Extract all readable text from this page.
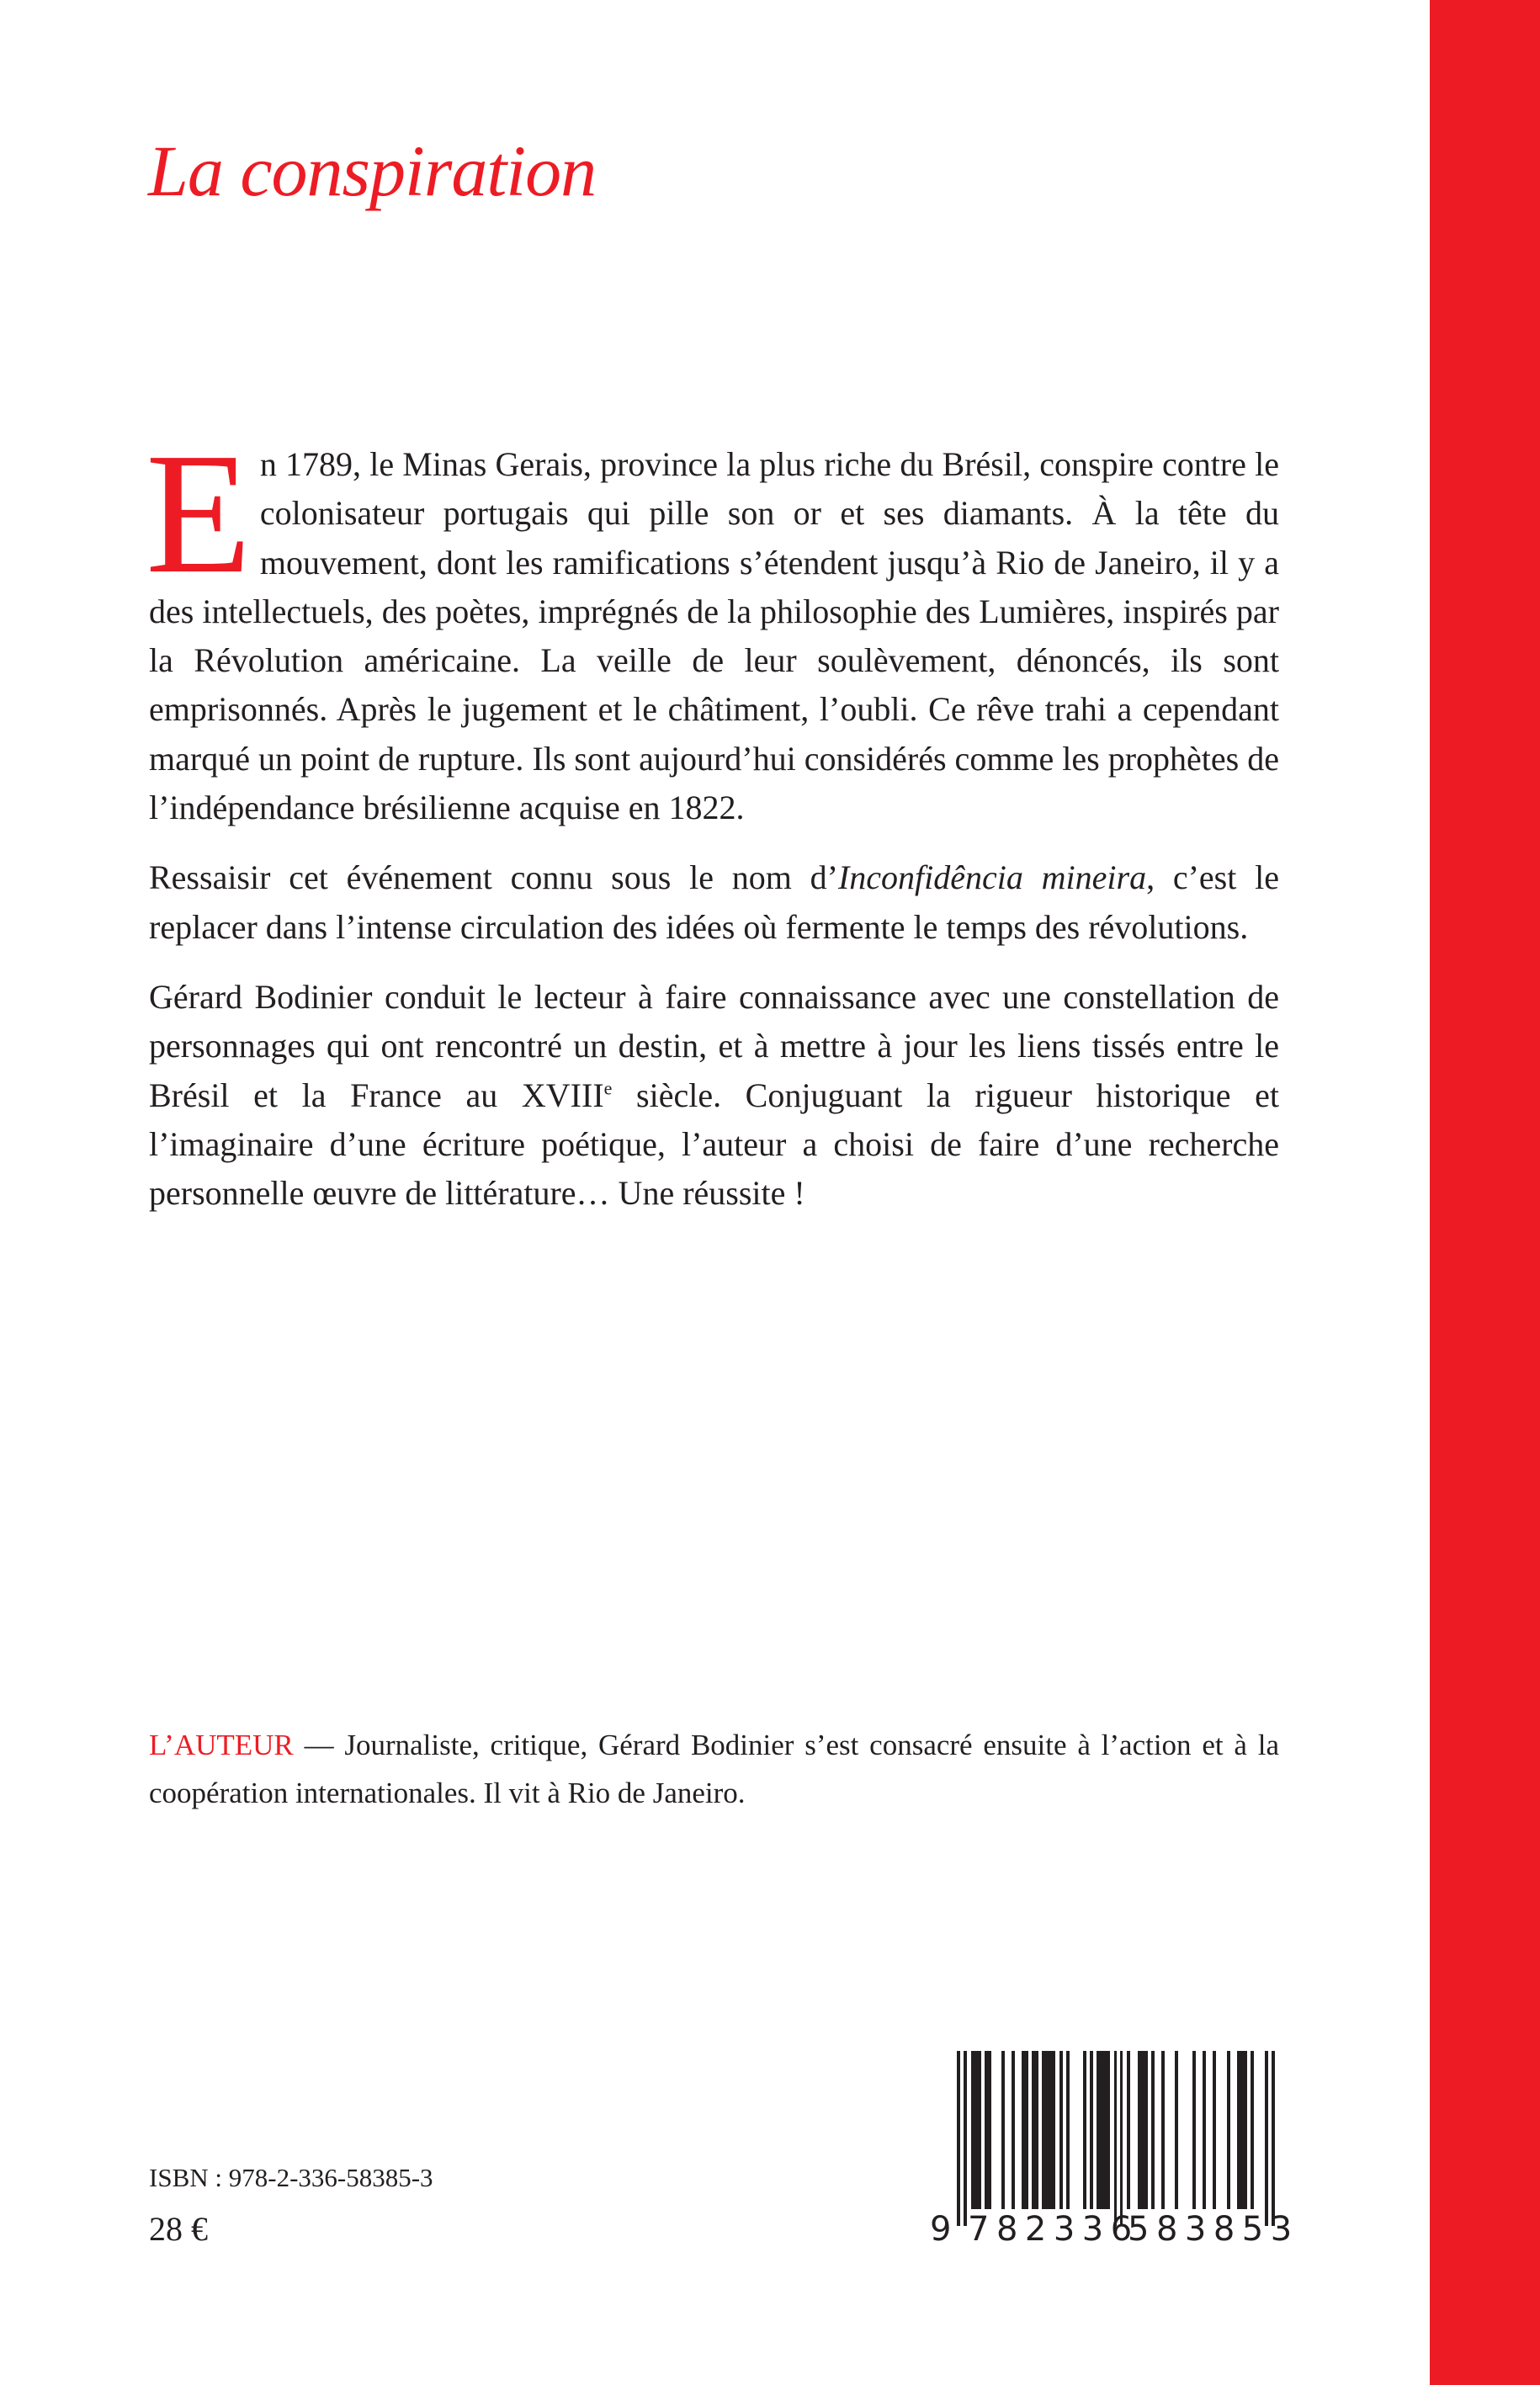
La conspiration

En 1789, le Minas Gerais, province la plus riche du Brésil, conspire contre le colonisateur portugais qui pille son or et ses diamants. À la tête du mouvement, dont les ramifications s’étendent jusqu’à Rio de Janeiro, il y a des intellectuels, des poètes, imprégnés de la philosophie des Lumières, inspirés par la Révolution américaine. La veille de leur soulèvement, dénoncés, ils sont emprisonnés. Après le jugement et le châtiment, l’oubli. Ce rêve trahi a cependant marqué un point de rupture. Ils sont aujourd’hui considérés comme les prophètes de l’indépendance brésilienne acquise en 1822.

Ressaisir cet événement connu sous le nom d’Inconfidência mineira, c’est le replacer dans l’intense circulation des idées où fermente le temps des révolutions.

Gérard Bodinier conduit le lecteur à faire connaissance avec une constellation de personnages qui ont rencontré un destin, et à mettre à jour les liens tissés entre le Brésil et la France au XVIIIe siècle. Conjuguant la rigueur historique et l’imaginaire d’une écriture poétique, l’auteur a choisi de faire d’une recherche personnelle œuvre de littérature… Une réussite !

L’AUTEUR — Journaliste, critique, Gérard Bodinier s’est consacré ensuite à l’action et à la coopération internationales. Il vit à Rio de Janeiro.
ISBN : 978-2-336-58385-3
28 €	9 782336
583853
